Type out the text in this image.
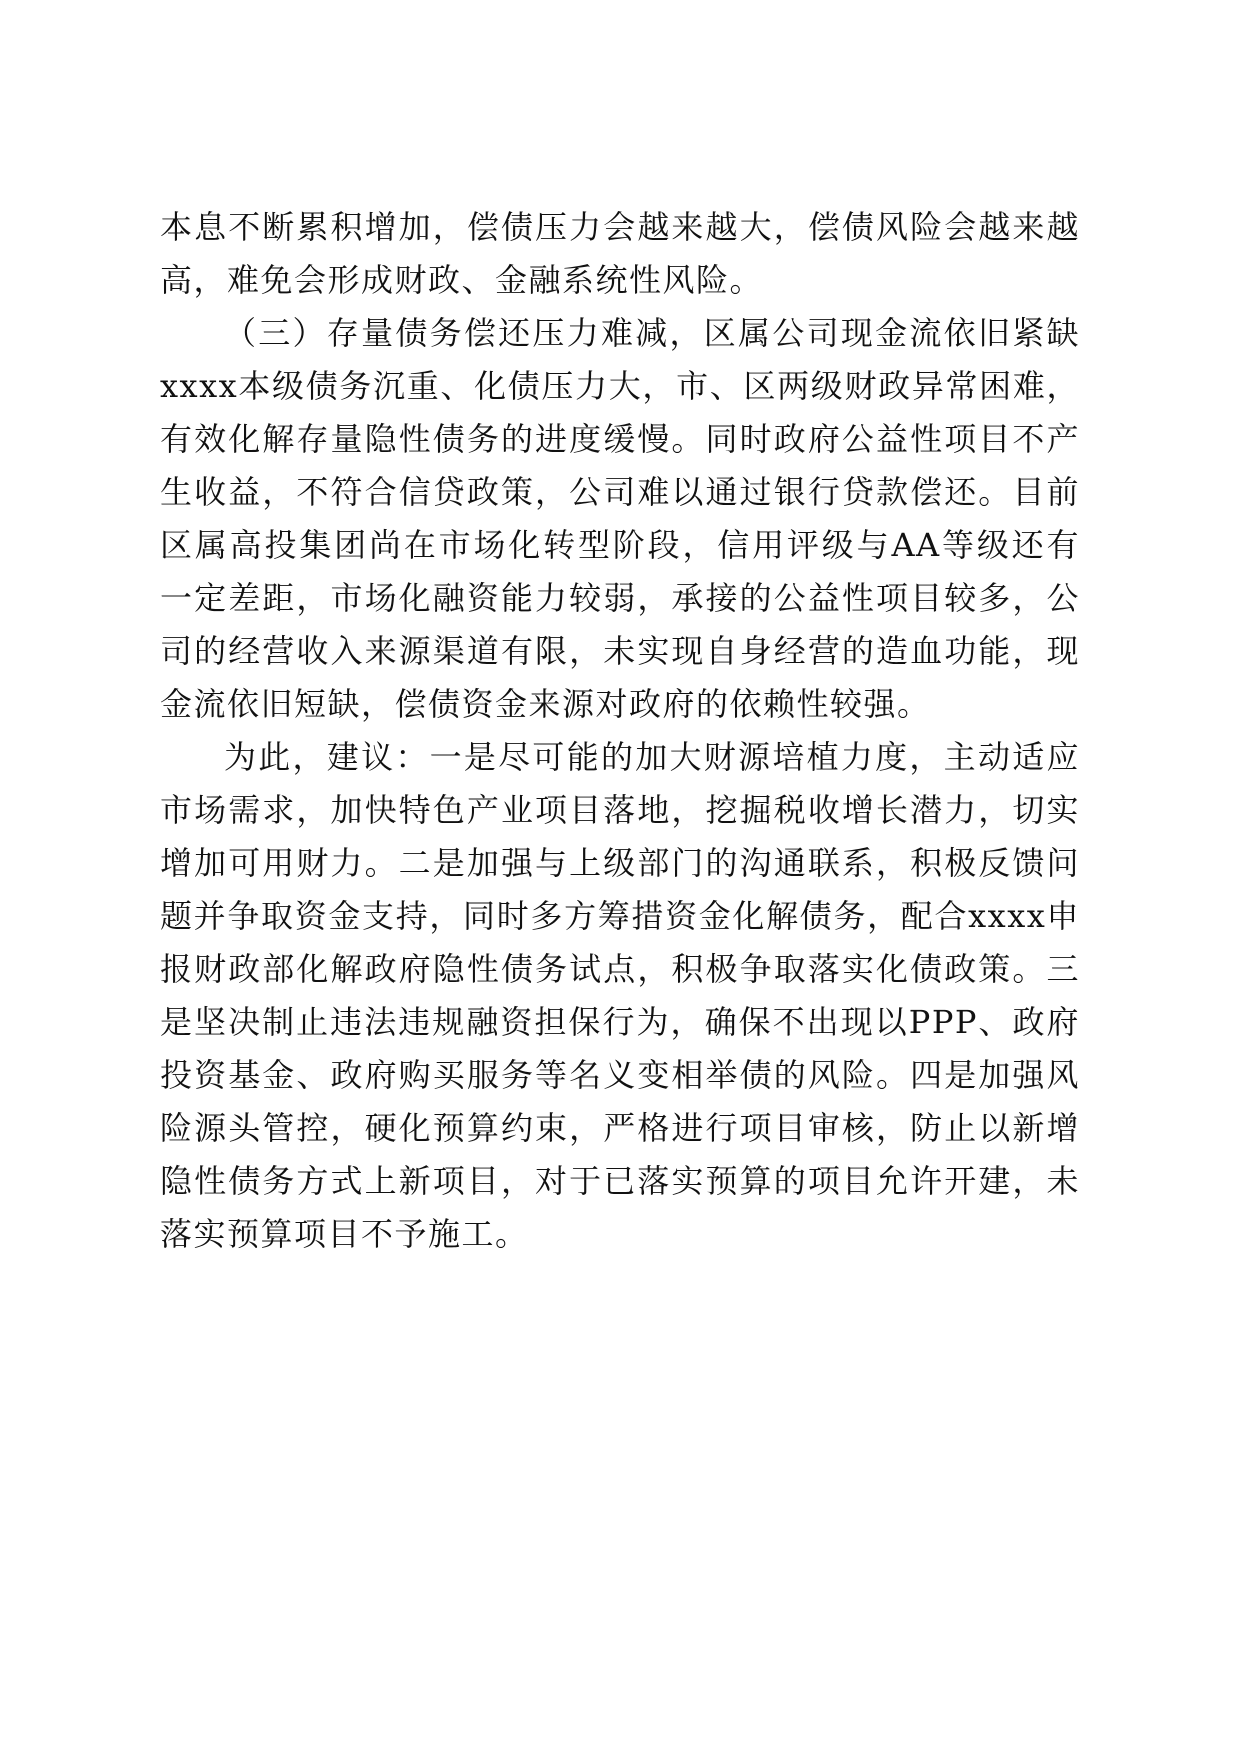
本息不断累积增加，偿债压力会越来越大，偿债风险会越来越高，难免会形成财政、金融系统性风险。

（三）存量债务偿还压力难减，区属公司现金流依旧紧缺xxxx本级债务沉重、化债压力大，市、区两级财政异常困难，有效化解存量隐性债务的进度缓慢。同时政府公益性项目不产生收益，不符合信贷政策，公司难以通过银行贷款偿还。目前区属高投集团尚在市场化转型阶段，信用评级与AA等级还有一定差距，市场化融资能力较弱，承接的公益性项目较多，公司的经营收入来源渠道有限，未实现自身经营的造血功能，现金流依旧短缺，偿债资金来源对政府的依赖性较强。

为此，建议：一是尽可能的加大财源培植力度，主动适应市场需求，加快特色产业项目落地，挖掘税收增长潜力，切实增加可用财力。二是加强与上级部门的沟通联系，积极反馈问题并争取资金支持，同时多方筹措资金化解债务，配合xxxx申报财政部化解政府隐性债务试点，积极争取落实化债政策。三是坚决制止违法违规融资担保行为，确保不出现以PPP、政府投资基金、政府购买服务等名义变相举债的风险。四是加强风险源头管控，硬化预算约束，严格进行项目审核，防止以新增隐性债务方式上新项目，对于已落实预算的项目允许开建，未落实预算项目不予施工。
